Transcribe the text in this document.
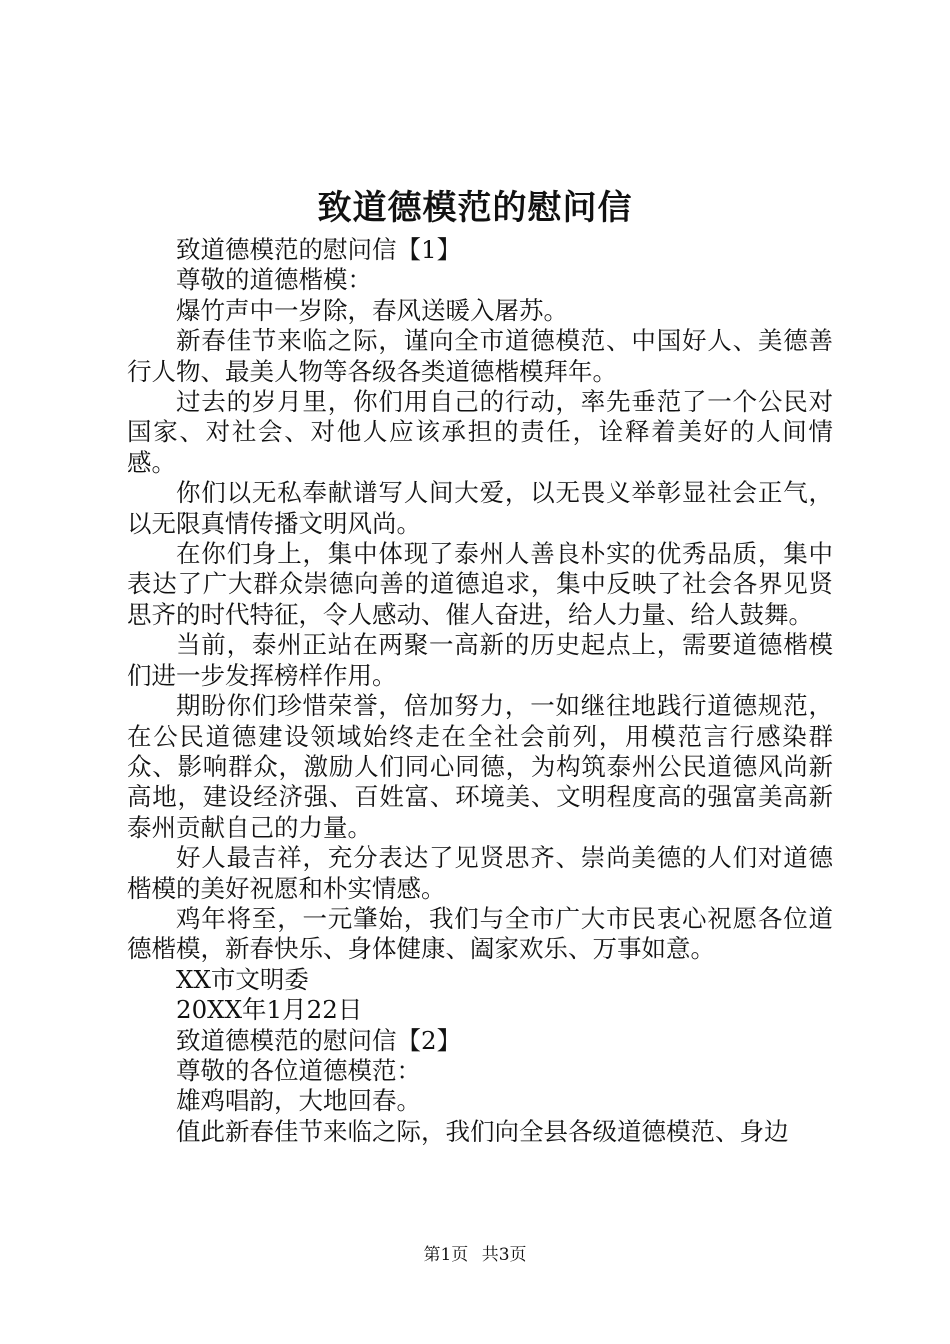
致道德模范的慰问信

致道德模范的慰问信【1】

尊敬的道德楷模：

爆竹声中一岁除，春风送暖入屠苏。

新春佳节来临之际，谨向全市道德模范、中国好人、美德善行人物、最美人物等各级各类道德楷模拜年。

过去的岁月里，你们用自己的行动，率先垂范了一个公民对国家、对社会、对他人应该承担的责任，诠释着美好的人间情感。

你们以无私奉献谱写人间大爱，以无畏义举彰显社会正气，以无限真情传播文明风尚。

在你们身上，集中体现了泰州人善良朴实的优秀品质，集中表达了广大群众崇德向善的道德追求，集中反映了社会各界见贤思齐的时代特征，令人感动、催人奋进，给人力量、给人鼓舞。

当前，泰州正站在两聚一高新的历史起点上，需要道德楷模们进一步发挥榜样作用。

期盼你们珍惜荣誉，倍加努力，一如继往地践行道德规范，在公民道德建设领域始终走在全社会前列，用模范言行感染群众、影响群众，激励人们同心同德，为构筑泰州公民道德风尚新高地，建设经济强、百姓富、环境美、文明程度高的强富美高新泰州贡献自己的力量。

好人最吉祥，充分表达了见贤思齐、崇尚美德的人们对道德楷模的美好祝愿和朴实情感。

鸡年将至，一元肇始，我们与全市广大市民衷心祝愿各位道德楷模，新春快乐、身体健康、阖家欢乐、万事如意。

XX市文明委

20XX年1月22日

致道德模范的慰问信【2】

尊敬的各位道德模范：

雄鸡唱韵，大地回春。

值此新春佳节来临之际，我们向全县各级道德模范、身边

第1页 共3页
